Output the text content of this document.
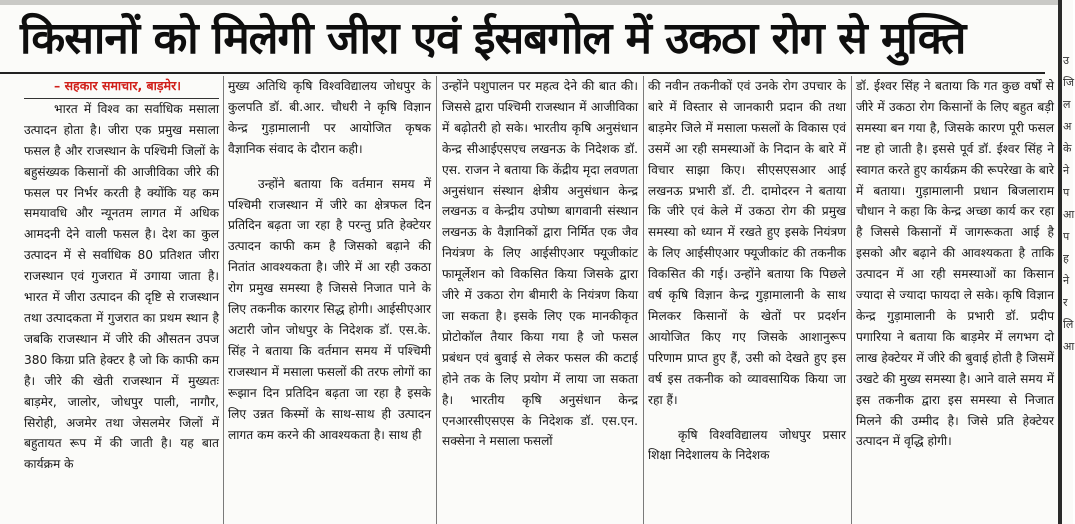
किसानों को मिलेगी जीरा एवं ईसबगोल में उकठा रोग से मुक्ति

– सहकार समाचार, बाड़मेर।

भारत में विश्व का सर्वाधिक मसाला उत्पादन होता है। जीरा एक प्रमुख मसाला फसल है और राजस्थान के पश्चिमी जिलों के बहुसंख्यक किसानों की आजीविका जीरे की फसल पर निर्भर करती है क्योंकि यह कम समयावधि और न्यूनतम लागत में अधिक आमदनी देने वाली फसल है। देश का कुल उत्पादन में से सर्वाधिक 80 प्रतिशत जीरा राजस्थान एवं गुजरात में उगाया जाता है। भारत में जीरा उत्पादन की दृष्टि से राजस्थान तथा उत्पादकता में गुजरात का प्रथम स्थान है जबकि राजस्थान में जीरे की औसतन उपज 380 किग्रा प्रति हेक्टर है जो कि काफी कम है। जीरे की खेती राजस्थान में मुख्यतः बाड़मेर, जालोर, जोधपुर पाली, नागौर, सिरोही, अजमेर तथा जेसलमेर जिलों में बहुतायत रूप में की जाती है। यह बात कार्यक्रम के

मुख्य अतिथि कृषि विश्वविद्यालय जोधपुर के कुलपति डॉ. बी.आर. चौधरी ने कृषि विज्ञान केन्द्र गुड़ामालानी पर आयोजित कृषक वैज्ञानिक संवाद के दौरान कही।

उन्होंने बताया कि वर्तमान समय में पश्चिमी राजस्थान में जीरे का क्षेत्रफल दिन प्रतिदिन बढ़ता जा रहा है परन्तु प्रति हेक्टेयर उत्पादन काफी कम है जिसको बढ़ाने की नितांत आवश्यकता है। जीरे में आ रही उकठा रोग प्रमुख समस्या है जिससे निजात पाने के लिए तकनीक कारगर सिद्ध होगी। आईसीएआर अटारी जोन जोधपुर के निदेशक डॉ. एस.के. सिंह ने बताया कि वर्तमान समय में पश्चिमी राजस्थान में मसाला फसलों की तरफ लोगों का रूझान दिन प्रतिदिन बढ़ता जा रहा है इसके लिए उन्नत किस्मों के साथ-साथ ही उत्पादन लागत कम करने की आवश्यकता है। साथ ही

उन्होंने पशुपालन पर महत्व देने की बात की। जिससे द्वारा पश्चिमी राजस्थान में आजीविका में बढ़ोतरी हो सके। भारतीय कृषि अनुसंधान केन्द्र सीआईएसएच लखनऊ के निदेशक डॉ. एस. राजन ने बताया कि केंद्रीय मृदा लवणता अनुसंधान संस्थान क्षेत्रीय अनुसंधान केन्द्र लखनऊ व केन्द्रीय उपोष्ण बागवानी संस्थान लखनऊ के वैज्ञानिकों द्वारा निर्मित एक जैव नियंत्रण के लिए आईसीएआर फ्यूजीकांट फामूर्लेशन को विकसित किया जिसके द्वारा जीरे में उकठा रोग बीमारी के नियंत्रण किया जा सकता है। इसके लिए एक मानकीकृत प्रोटोकॉल तैयार किया गया है जो फसल प्रबंधन एवं बुवाई से लेकर फसल की कटाई होने तक के लिए प्रयोग में लाया जा सकता है। भारतीय कृषि अनुसंधान केन्द्र एनआरसीएसएस के निदेशक डॉ. एस.एन. सक्सेना ने मसाला फसलों

की नवीन तकनीकों एवं उनके रोग उपचार के बारे में विस्तार से जानकारी प्रदान की तथा बाड़मेर जिले में मसाला फसलों के विकास एवं उसमें आ रही समस्याओं के निदान के बारे में विचार साझा किए। सीएसएसआर आई लखनऊ प्रभारी डॉ. टी. दामोदरन ने बताया कि जीरे एवं केले में उकठा रोग की प्रमुख समस्या को ध्यान में रखते हुए इसके नियंत्रण के लिए आईसीएआर फ्यूजीकांट की तकनीक विकसित की गई। उन्होंने बताया कि पिछले वर्ष कृषि विज्ञान केन्द्र गुड़ामालानी के साथ मिलकर किसानों के खेतों पर प्रदर्शन आयोजित किए गए जिसके आशानुरूप परिणाम प्राप्त हुए हैं, उसी को देखते हुए इस वर्ष इस तकनीक को व्यावसायिक किया जा रहा हैं।

कृषि विश्वविद्यालय जोधपुर प्रसार शिक्षा निदेशालय के निदेशक

डॉ. ईश्वर सिंह ने बताया कि गत कुछ वर्षों से जीरे में उकठा रोग किसानों के लिए बहुत बड़ी समस्या बन गया है, जिसके कारण पूरी फसल नष्ट हो जाती है। इससे पूर्व डॉ. ईश्वर सिंह ने स्वागत करते हुए कार्यक्रम की रूपरेखा के बारे में बताया। गुड़ामालानी प्रधान बिजलाराम चौधान ने कहा कि केन्द्र अच्छा कार्य कर रहा है जिससे किसानों में जागरूकता आई है इसको और बढ़ाने की आवश्यकता है ताकि उत्पादन में आ रही समस्याओं का किसान ज्यादा से ज्यादा फायदा ले सके। कृषि विज्ञान केन्द्र गुड़ामालानी के प्रभारी डॉ. प्रदीप पगारिया ने बताया कि बाड़मेर में लगभग दो लाख हेक्टेयर में जीरे की बुवाई होती है जिसमें उखटे की मुख्य समस्या है। आने वाले समय में इस तकनीक द्वारा इस समस्या से निजात मिलने की उम्मीद है। जिसे प्रति हेक्टेयर उत्पादन में वृद्धि होगी।

उ जि ल अ के ने प आ प ह ने र लि आ
